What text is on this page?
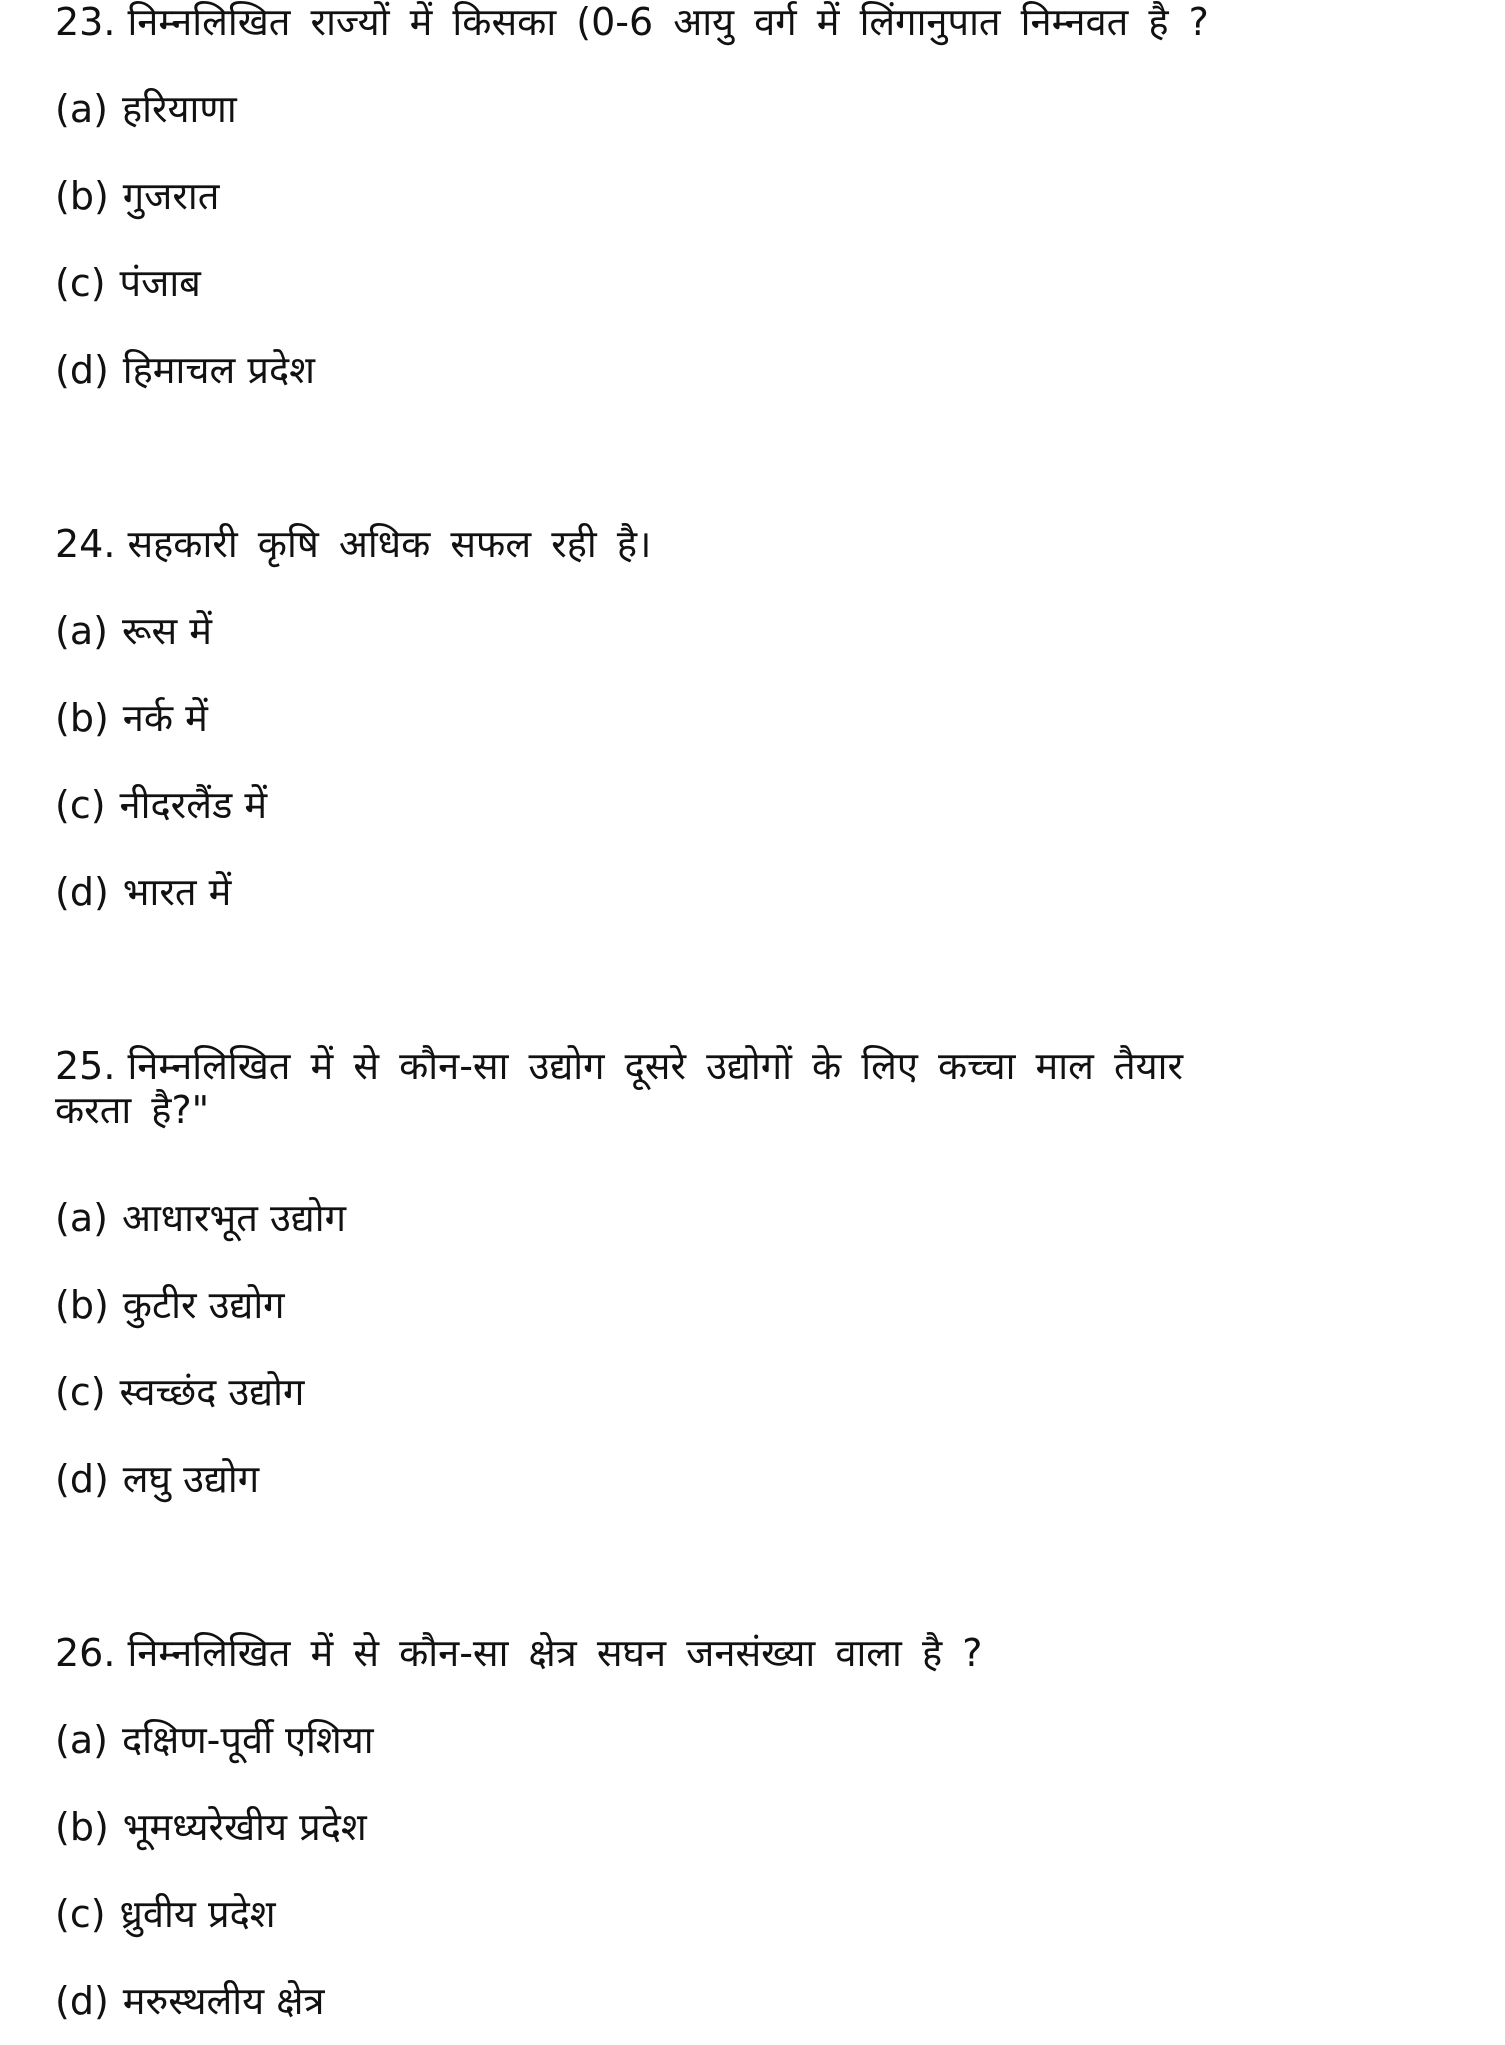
23. निम्नलिखित राज्यों में किसका (0-6 आयु वर्ग में लिंगानुपात निम्नवत है ?
(a) हरियाणा
(b) गुजरात
(c) पंजाब
(d) हिमाचल प्रदेश
24. सहकारी कृषि अधिक सफल रही है।
(a) रूस में
(b) नर्क में
(c) नीदरलैंड में
(d) भारत में
25. निम्नलिखित में से कौन-सा उद्योग दूसरे उद्योगों के लिए कच्चा माल तैयार
करता है?"
(a) आधारभूत उद्योग
(b) कुटीर उद्योग
(c) स्वच्छंद उद्योग
(d) लघु उद्योग
26. निम्नलिखित में से कौन-सा क्षेत्र सघन जनसंख्या वाला है ?
(a) दक्षिण-पूर्वी एशिया
(b) भूमध्यरेखीय प्रदेश
(c) ध्रुवीय प्रदेश
(d) मरुस्थलीय क्षेत्र
